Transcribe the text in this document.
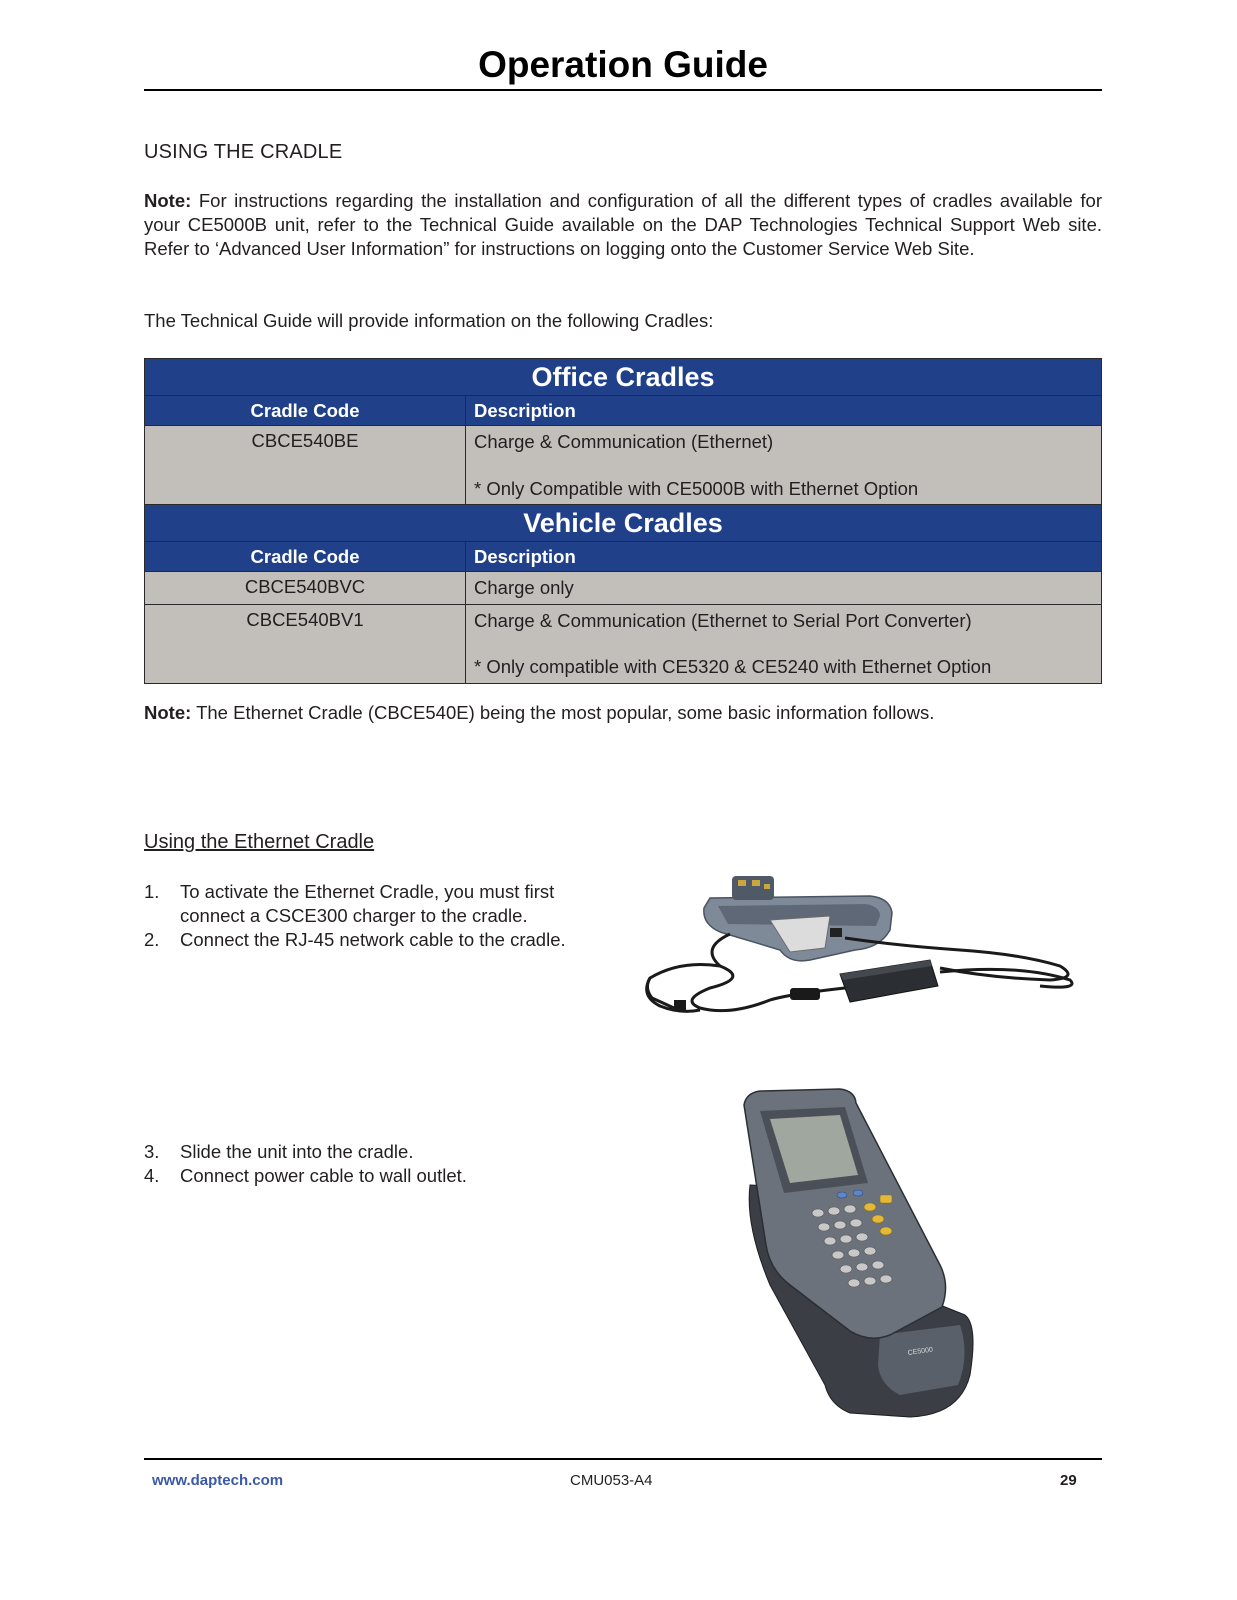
Operation Guide
USING THE CRADLE
Note: For instructions regarding the installation and configuration of all the different types of cradles available for your CE5000B unit, refer to the Technical Guide available on the DAP Technologies Technical Support Web site. Refer to ‘Advanced User Information” for instructions on logging onto the Customer Service Web Site.
The Technical Guide will provide information on the following Cradles:
Office Cradles	
Cradle Code	Description
CBCE540BE	Charge & Communication (Ethernet)
* Only Compatible with CE5000B with Ethernet Option

Vehicle Cradles	
Cradle Code	Description
CBCE540BVC	Charge only

CBCE540BV1	Charge & Communication (Ethernet to Serial Port Converter)
* Only compatible with CE5320 & CE5240 with Ethernet Option
Note: The Ethernet Cradle (CBCE540E) being the most popular, some basic information follows.
Using the Ethernet Cradle
1. To activate the Ethernet Cradle, you must first connect a CSCE300 charger to the cradle.
2. Connect the RJ-45 network cable to the cradle.
3. Slide the unit into the cradle.
4. Connect power cable to wall outlet.
CE5000
www.daptech.com	CMU053-A4	29
